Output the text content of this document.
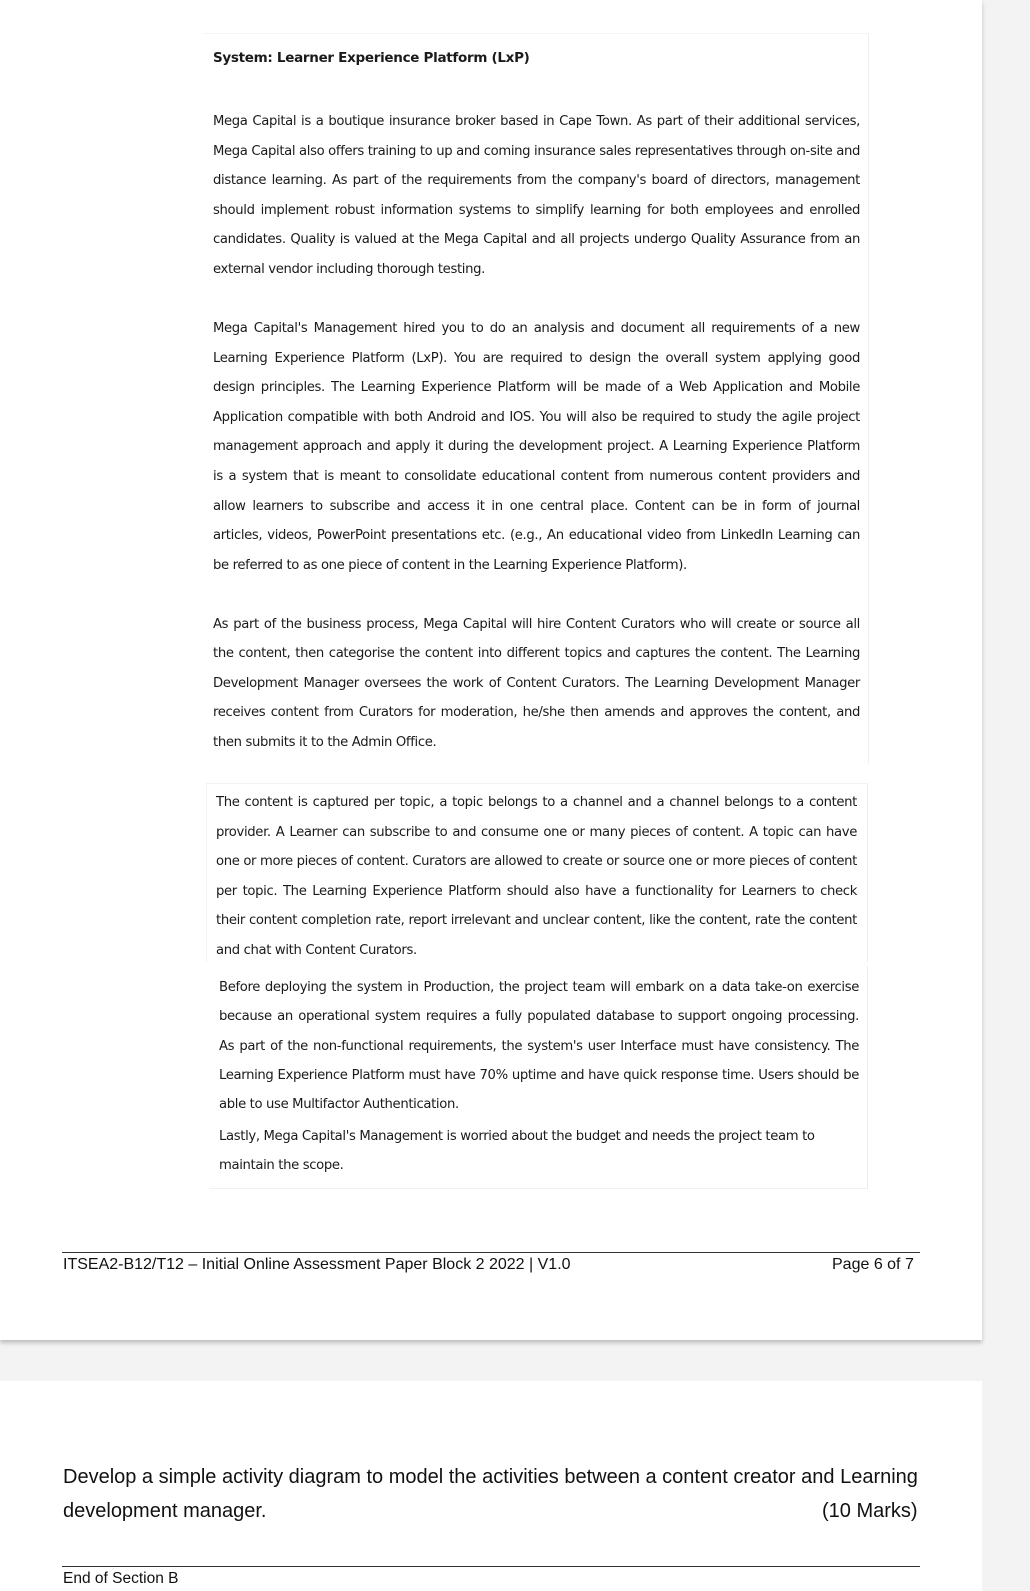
System: Learner Experience Platform (LxP)
Mega Capital is a boutique insurance broker based in Cape Town. As part of their additional services, Mega Capital also offers training to up and coming insurance sales representatives through on-site and distance learning. As part of the requirements from the company's board of directors, management should implement robust information systems to simplify learning for both employees and enrolled candidates. Quality is valued at the Mega Capital and all projects undergo Quality Assurance from an external vendor including thorough testing.
Mega Capital's Management hired you to do an analysis and document all requirements of a new Learning Experience Platform (LxP). You are required to design the overall system applying good design principles. The Learning Experience Platform will be made of a Web Application and Mobile Application compatible with both Android and IOS. You will also be required to study the agile project management approach and apply it during the development project. A Learning Experience Platform is a system that is meant to consolidate educational content from numerous content providers and allow learners to subscribe and access it in one central place. Content can be in form of journal articles, videos, PowerPoint presentations etc. (e.g., An educational video from LinkedIn Learning can be referred to as one piece of content in the Learning Experience Platform).
As part of the business process, Mega Capital will hire Content Curators who will create or source all the content, then categorise the content into different topics and captures the content. The Learning Development Manager oversees the work of Content Curators. The Learning Development Manager receives content from Curators for moderation, he/she then amends and approves the content, and then submits it to the Admin Office.
The content is captured per topic, a topic belongs to a channel and a channel belongs to a content provider. A Learner can subscribe to and consume one or many pieces of content. A topic can have one or more pieces of content. Curators are allowed to create or source one or more pieces of content per topic. The Learning Experience Platform should also have a functionality for Learners to check their content completion rate, report irrelevant and unclear content, like the content, rate the content and chat with Content Curators.
Before deploying the system in Production, the project team will embark on a data take-on exercise because an operational system requires a fully populated database to support ongoing processing. As part of the non-functional requirements, the system's user Interface must have consistency. The Learning Experience Platform must have 70% uptime and have quick response time. Users should be able to use Multifactor Authentication.
Lastly, Mega Capital's Management is worried about the budget and needs the project team to maintain the scope.
ITSEA2-B12/T12 – Initial Online Assessment Paper Block 2 2022 | V1.0	Page 6 of 7
Develop a simple activity diagram to model the activities between a content creator and Learning development manager.	(10 Marks)
End of Section B
